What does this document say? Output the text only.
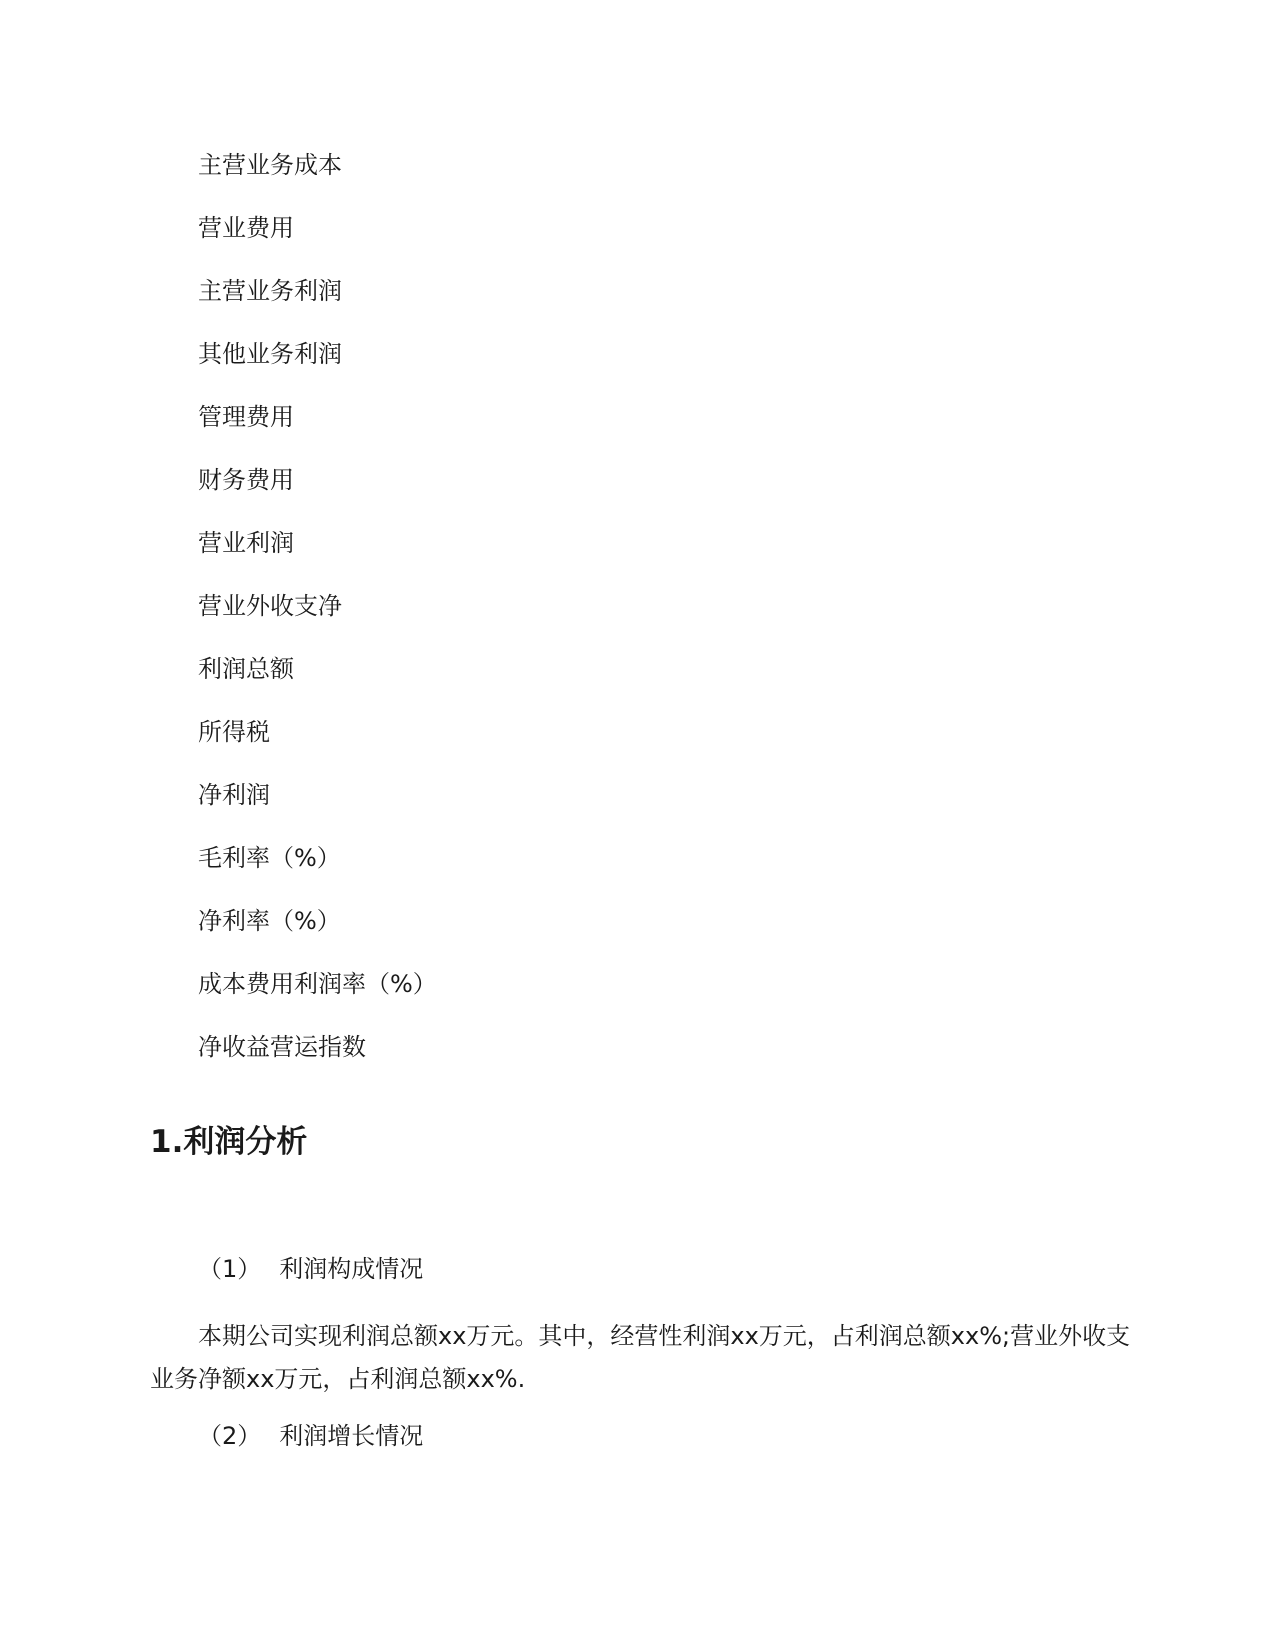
主营业务成本
营业费用
主营业务利润
其他业务利润
管理费用
财务费用
营业利润
营业外收支净
利润总额
所得税
净利润
毛利率（%）
净利率（%）
成本费用利润率（%）
净收益营运指数
1.利润分析
（1） 利润构成情况

本期公司实现利润总额xx万元。其中，经营性利润xx万元，占利润总额xx%;营业外收支业务净额xx万元，占利润总额xx%.

（2） 利润增长情况
